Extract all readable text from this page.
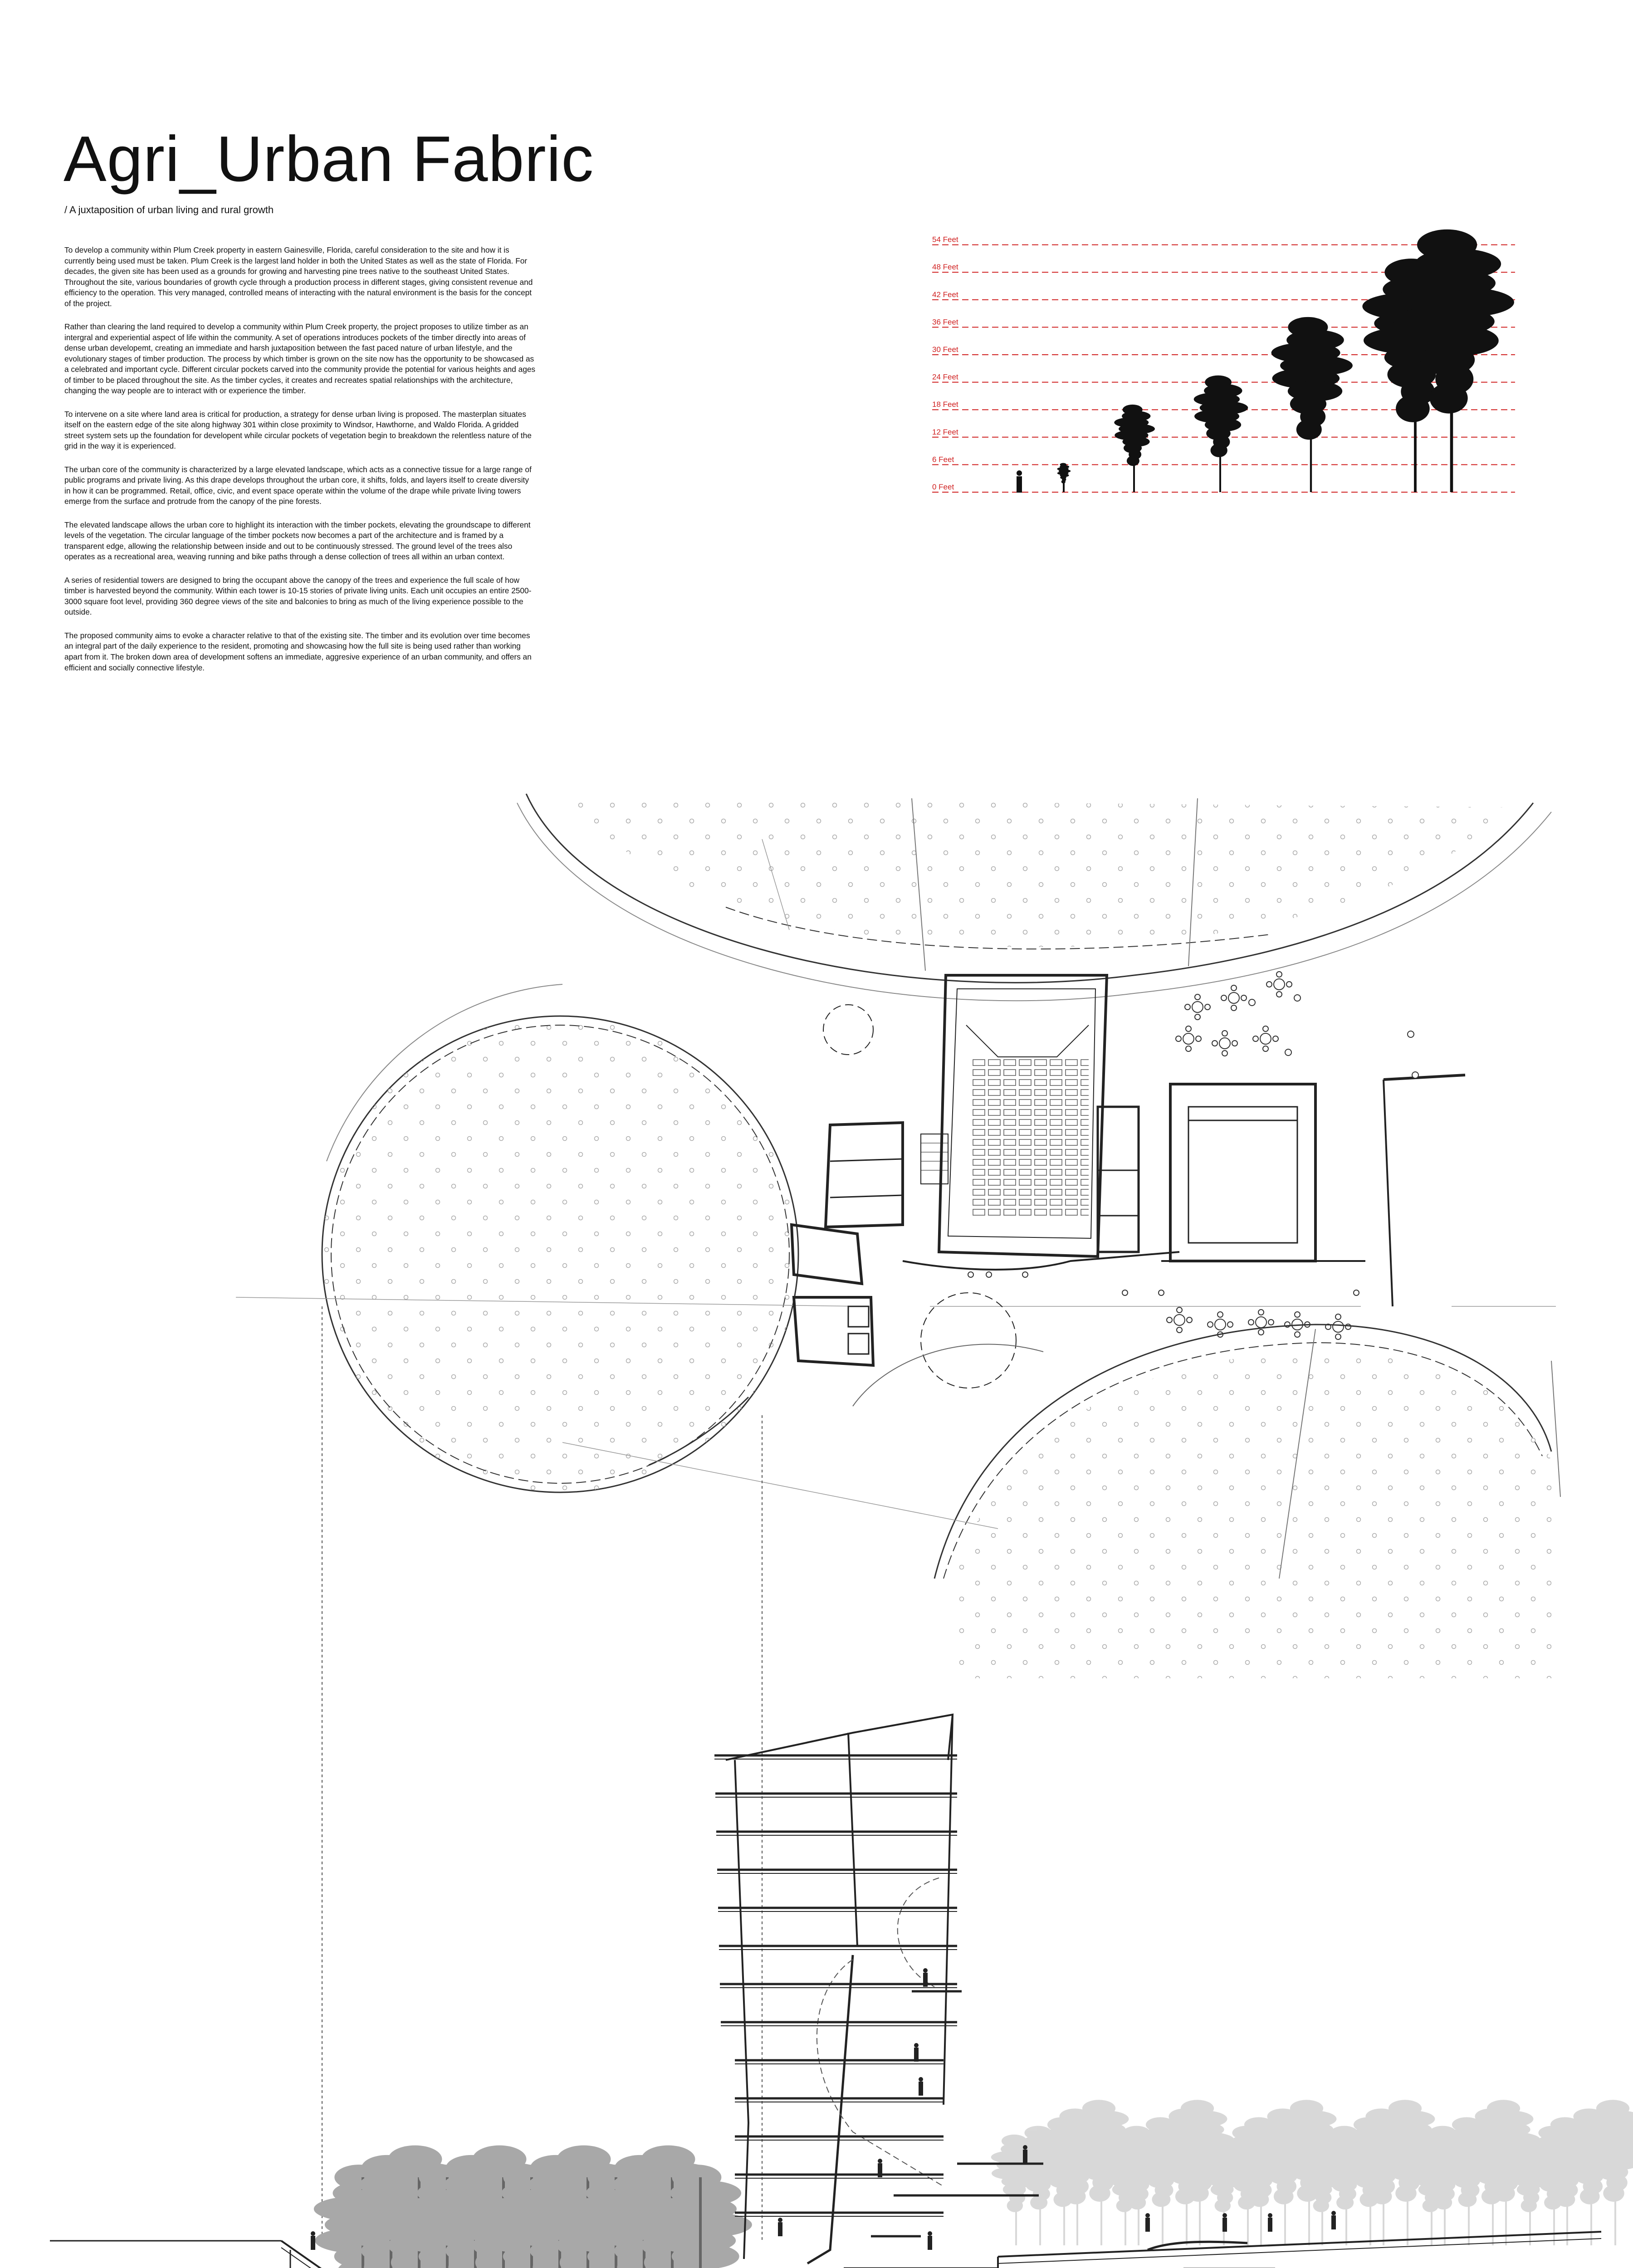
Agri_Urban Fabric
/ A juxtaposition of urban living and rural growth

To develop a community within Plum Creek property in eastern Gainesville, Florida, careful consideration to the site and how it is currently being used must be taken. Plum Creek is the largest land holder in both the United States as well as the state of Florida. For decades, the given site has been used as a grounds for growing and harvesting pine trees native to the southeast United States. Throughout the site, various boundaries of growth cycle through a production process in different stages, giving consistent revenue and efficiency to the operation. This very managed, controlled means of interacting with the natural environment is the basis for the concept of the project.

Rather than clearing the land required to develop a community within Plum Creek property, the project proposes to utilize timber as an intergral and experiential aspect of life within the community. A set of operations introduces pockets of the timber directly into areas of dense urban developemt, creating an immediate and harsh juxtaposition between the fast paced nature of urban lifestyle, and the evolutionary stages of timber production. The process by which timber is grown on the site now has the opportunity to be showcased as a celebrated and important cycle. Different circular pockets carved into the community provide the potential for various heights and ages of timber to be placed throughout the site. As the timber cycles, it creates and recreates spatial relationships with the architecture, changing the way people are to interact with or experience the timber.

To intervene on a site where land area is critical for production, a strategy for dense urban living is proposed. The masterplan situates itself on the eastern edge of the site along highway 301 within close proximity to Windsor, Hawthorne, and Waldo Florida. A gridded street system sets up the foundation for developent while circular pockets of vegetation begin to breakdown the relentless nature of the grid in the way it is experienced.

The urban core of the community is characterized by a large elevated landscape, which acts as a connective tissue for a large range of public programs and private living. As this drape develops throughout the urban core, it shifts, folds, and layers itself to create diversity in how it can be programmed. Retail, office, civic, and event space operate within the volume of the drape while private living towers emerge from the surface and protrude from the canopy of the pine forests.

The elevated landscape allows the urban core to highlight its interaction with the timber pockets, elevating the groundscape to different levels of the vegetation. The circular language of the timber pockets now becomes a part of the architecture and is framed by a transparent edge, allowing the relationship between inside and out to be continuously stressed. The ground level of the trees also operates as a recreational area, weaving running and bike paths through a dense collection of trees all within an urban context.

A series of residential towers are designed to bring the occupant above the canopy of the trees and experience the full scale of how timber is harvested beyond the community. Within each tower is 10-15 stories of private living units. Each unit occupies an entire 2500-3000 square foot level, providing 360 degree views of the site and balconies to bring as much of the living experience possible to the outside.

The proposed community aims to evoke a character relative to that of the existing site. The timber and its evolution over time becomes an integral part of the daily experience to the resident, promoting and showcasing how the full site is being used rather than working apart from it. The broken down area of development softens an immediate, aggresive experience of an urban community, and offers an efficient and socially connective lifestyle.

54 Feet
48 Feet
42 Feet
36 Feet
30 Feet
24 Feet
18 Feet
12 Feet
6 Feet
0 Feet
